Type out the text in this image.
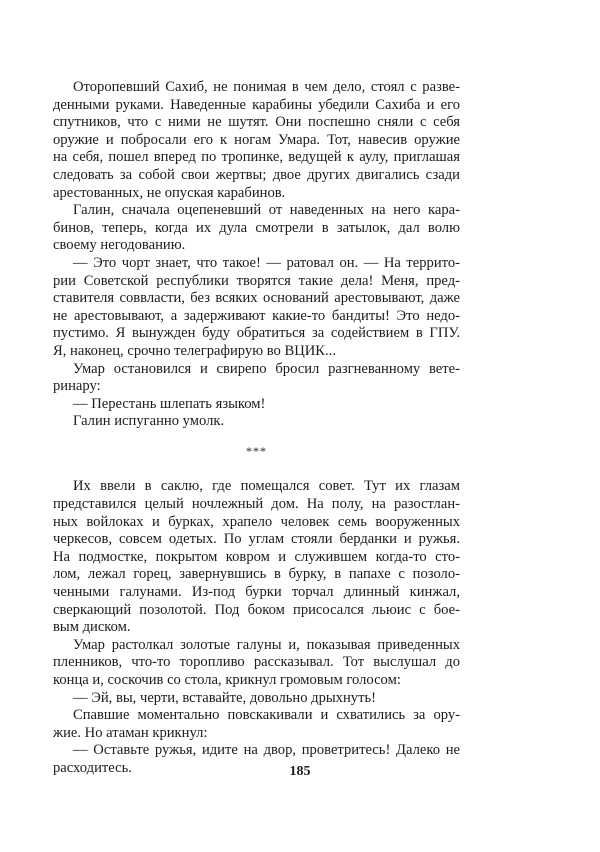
Оторопевший Сахиб, не понимая в чем дело, стоял с разве-
денными руками. Наведенные карабины убедили Сахиба и его
спутников, что с ними не шутят. Они поспешно сняли с себя
оружие и побросали его к ногам Умара. Тот, навесив оружие
на себя, пошел вперед по тропинке, ведущей к аулу, приглашая
следовать за собой свои жертвы; двое других двигались сзади
арестованных, не опуская карабинов.
Галин, сначала оцепеневший от наведенных на него кара-
бинов, теперь, когда их дула смотрели в затылок, дал волю
своему негодованию.
— Это чорт знает, что такое! — ратовал он. — На террито-
рии Советской республики творятся такие дела! Меня, пред-
ставителя соввласти, без всяких оснований арестовывают, даже
не арестовывают, а задерживают какие-то бандиты! Это недо-
пустимо. Я вынужден буду обратиться за содействием в ГПУ.
Я, наконец, срочно телеграфирую во ВЦИК...
Умар остановился и свирепо бросил разгневанному вете-
ринару:
— Перестань шлепать языком!
Галин испуганно умолк.
***
Их ввели в саклю, где помещался совет. Тут их глазам
представился целый ночлежный дом. На полу, на разостлан-
ных войлоках и бурках, храпело человек семь вооруженных
черкесов, совсем одетых. По углам стояли берданки и ружья.
На подмостке, покрытом ковром и служившем когда-то сто-
лом, лежал горец, завернувшись в бурку, в папахе с позоло-
ченными галунами. Из-под бурки торчал длинный кинжал,
сверкающий позолотой. Под боком присосался льюис с бое-
вым диском.
Умар растолкал золотые галуны и, показывая приведенных
пленников, что-то торопливо рассказывал. Тот выслушал до
конца и, соскочив со стола, крикнул громовым голосом:
— Эй, вы, черти, вставайте, довольно дрыхнуть!
Спавшие моментально повскакивали и схватились за ору-
жие. Но атаман крикнул:
— Оставьте ружья, идите на двор, проветритесь! Далеко не
расходитесь.	185
